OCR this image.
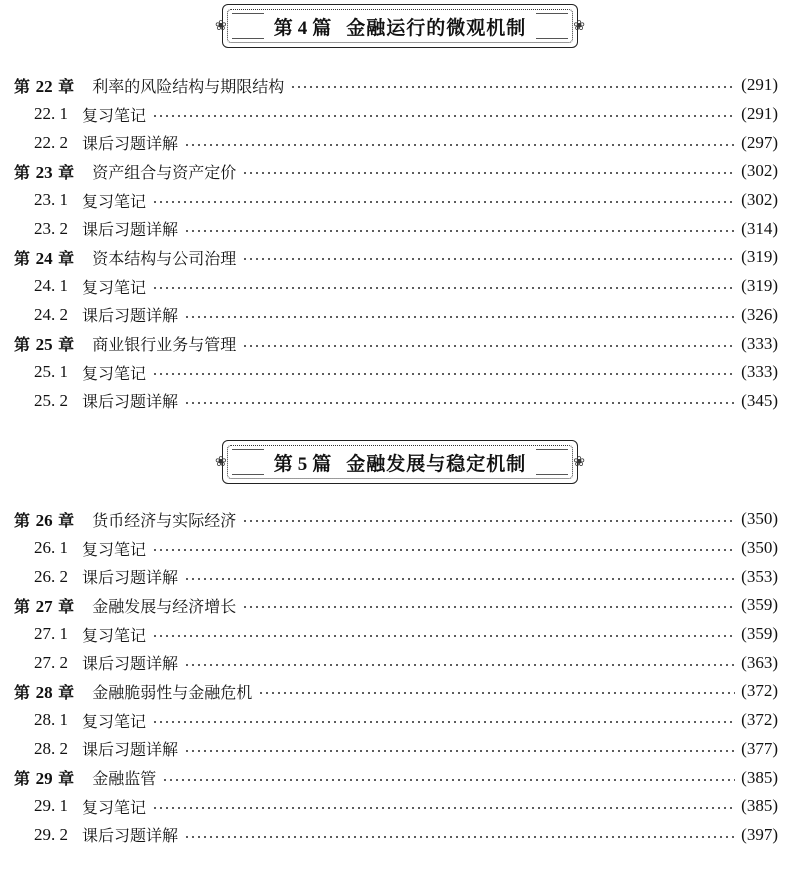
❀	第 4 篇 金融运行的微观机制	❀
第 22 章 利率的风险结构与期限结构	(291)
22. 1 复习笔记	(291)
22. 2 课后习题详解	(297)
第 23 章 资产组合与资产定价	(302)
23. 1 复习笔记	(302)
23. 2 课后习题详解	(314)
第 24 章 资本结构与公司治理	(319)
24. 1 复习笔记	(319)
24. 2 课后习题详解	(326)
第 25 章 商业银行业务与管理	(333)
25. 1 复习笔记	(333)
25. 2 课后习题详解	(345)
❀	第 5 篇 金融发展与稳定机制	❀
第 26 章 货币经济与实际经济	(350)
26. 1 复习笔记	(350)
26. 2 课后习题详解	(353)
第 27 章 金融发展与经济增长	(359)
27. 1 复习笔记	(359)
27. 2 课后习题详解	(363)
第 28 章 金融脆弱性与金融危机	(372)
28. 1 复习笔记	(372)
28. 2 课后习题详解	(377)
第 29 章 金融监管	(385)
29. 1 复习笔记	(385)
29. 2 课后习题详解	(397)
